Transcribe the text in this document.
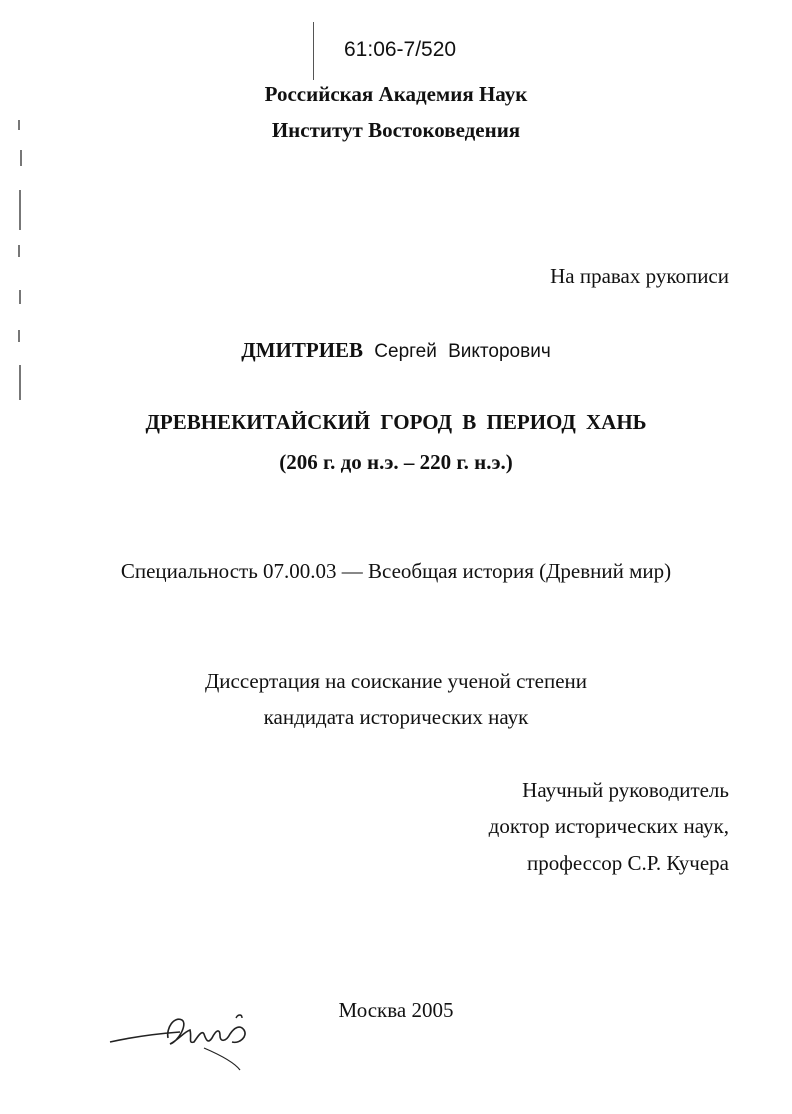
61:06-7/520
Российская Академия Наук
Институт Востоковедения
На правах рукописи
ДМИТРИЕВ Сергей Викторович
ДРЕВНЕКИТАЙСКИЙ ГОРОД В ПЕРИОД ХАНЬ
(206 г. до н.э. – 220 г. н.э.)
Специальность 07.00.03 — Всеобщая история (Древний мир)
Диссертация на соискание ученой степени
кандидата исторических наук
Научный руководитель
доктор исторических наук,
профессор С.Р. Кучера
Москва 2005
